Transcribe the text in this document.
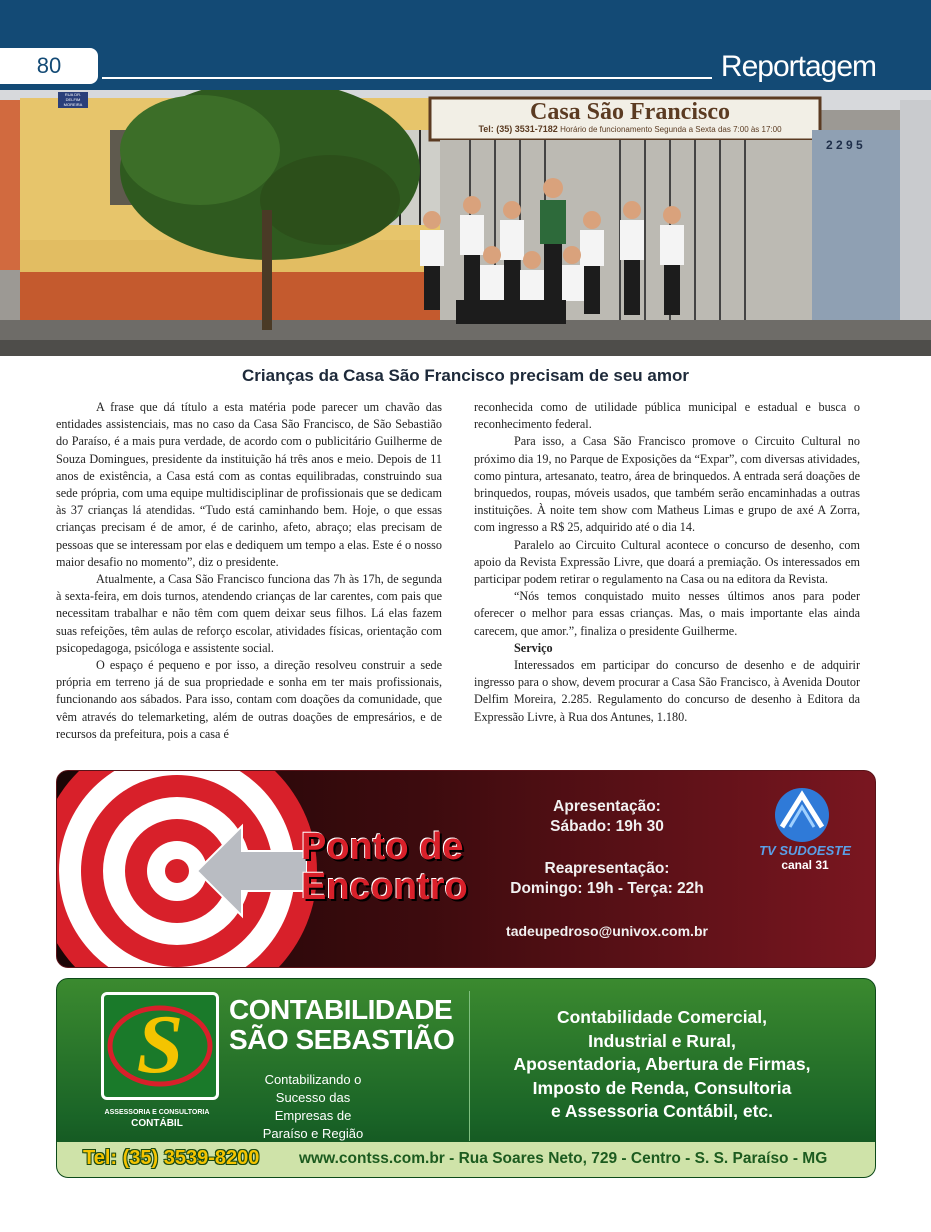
80	Reportagem
Casa São Francisco
Tel: (35) 3531-7182 Horário de funcionamento Segunda a Sexta das 7:00 às 17:00
2 2 9 5
RUA DR. DELFIM MOREIRA
Crianças da Casa São Francisco precisam de seu amor

A frase que dá título a esta matéria pode parecer um chavão das entidades assistenciais, mas no caso da Casa São Francisco, de São Sebastião do Paraíso, é a mais pura verdade, de acordo com o publicitário Guilherme de Souza Domingues, presidente da instituição há três anos e meio. Depois de 11 anos de existência, a Casa está com as contas equilibradas, construindo sua sede própria, com uma equipe multidisciplinar de profissionais que se dedicam às 37 crianças lá atendidas. “Tudo está caminhando bem. Hoje, o que essas crianças precisam é de amor, é de carinho, afeto, abraço; elas precisam de pessoas que se interessam por elas e dediquem um tempo a elas. Este é o nosso maior desafio no momento”, diz o presidente.

Atualmente, a Casa São Francisco funciona das 7h às 17h, de segunda à sexta-feira, em dois turnos, atendendo crianças de lar carentes, com pais que necessitam trabalhar e não têm com quem deixar seus filhos. Lá elas fazem suas refeições, têm aulas de reforço escolar, atividades físicas, orientação com psicopedagoga, psicóloga e assistente social.

O espaço é pequeno e por isso, a direção resolveu construir a sede própria em terreno já de sua propriedade e sonha em ter mais profissionais, funcionando aos sábados. Para isso, contam com doações da comunidade, que vêm através do telemarketing, além de outras doações de empresários, e de recursos da prefeitura, pois a casa é

reconhecida como de utilidade pública municipal e estadual e busca o reconhecimento federal.

Para isso, a Casa São Francisco promove o Circuito Cultural no próximo dia 19, no Parque de Exposições da “Expar”, com diversas atividades, como pintura, artesanato, teatro, área de brinquedos. A entrada será doações de brinquedos, roupas, móveis usados, que também serão encaminhadas a outras instituições. À noite tem show com Matheus Limas e grupo de axé A Zorra, com ingresso a R$ 25, adquirido até o dia 14.

Paralelo ao Circuito Cultural acontece o concurso de desenho, com apoio da Revista Expressão Livre, que doará a premiação. Os interessados em participar podem retirar o regulamento na Casa ou na editora da Revista.

“Nós temos conquistado muito nesses últimos anos para poder oferecer o melhor para essas crianças. Mas, o mais importante elas ainda carecem, que amor.”, finaliza o presidente Guilherme.

Serviço

Interessados em participar do concurso de desenho e de adquirir ingresso para o show, devem procurar a Casa São Francisco, à Avenida Doutor Delfim Moreira, 2.285. Regulamento do concurso de desenho à Editora da Expressão Livre, à Rua dos Antunes, 1.180.

Ponto de
Encontro
Apresentação:
Sábado: 19h 30
Reapresentação:
Domingo: 19h - Terça: 22h
tadeupedroso@univox.com.br
TV SUDOESTE
canal 31
S
ASSESSORIA E CONSULTORIA
CONTÁBIL
CONTABILIDADE
SÃO SEBASTIÃO
Contabilizando o Sucesso das Empresas de Paraíso e Região
Contabilidade Comercial,
Industrial e Rural,
Aposentadoria, Abertura de Firmas,
Imposto de Renda, Consultoria
e Assessoria Contábil, etc.
Tel: (35) 3539-8200	www.contss.com.br - Rua Soares Neto, 729 - Centro - S. S. Paraíso - MG
